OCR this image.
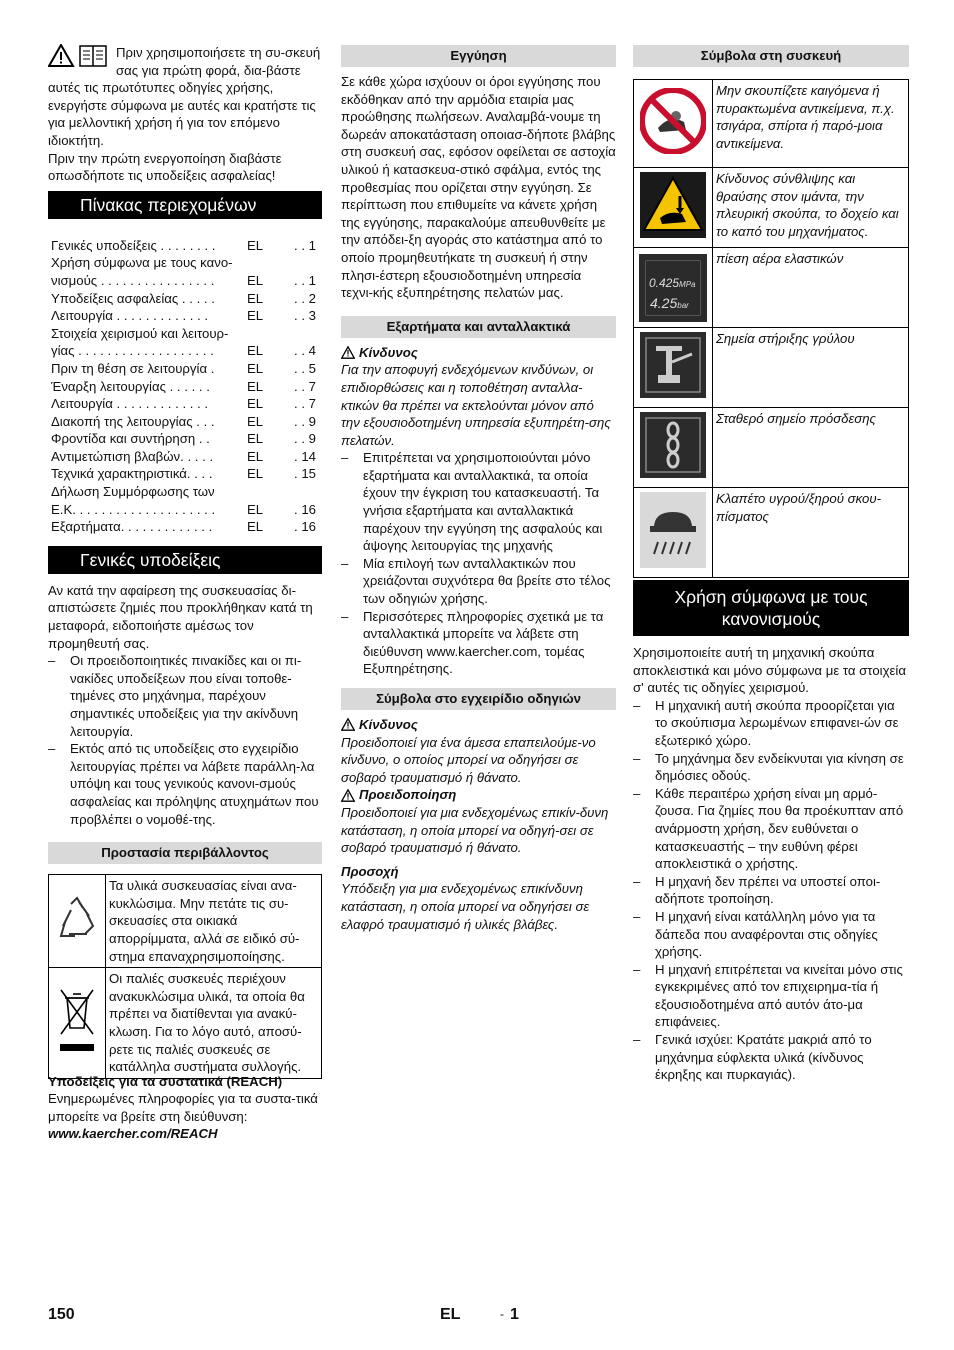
Πριν χρησιμοποιήσετε τη συ-σκευή σας για πρώτη φορά, δια-βάστε αυτές τις πρωτότυπες οδηγίες χρήσης, ενεργήστε σύμφωνα με αυτές και κρατήστε τις για μελλοντική χρήση ή για τον επόμενο ιδιοκτήτη.

Πριν την πρώτη ενεργοποίηση διαβάστε οπωσδήποτε τις υποδείξεις ασφαλείας!

Πίνακας περιεχομένων
Γενικές υποδείξεις . . . . . . . .	EL	. . 1
Χρήση σύμφωνα με τους κανο-
νισμούς . . . . . . . . . . . . . . . .	EL	. . 1
Υποδείξεις ασφαλείας . . . . .	EL	. . 2
Λειτουργία . . . . . . . . . . . . .	EL	. . 3
Στοιχεία χειρισμού και λειτουρ-
γίας . . . . . . . . . . . . . . . . . . .	EL	. . 4
Πριν τη θέση σε λειτουργία .	EL	. . 5
Έναρξη λειτουργίας . . . . . .	EL	. . 7
Λειτουργία . . . . . . . . . . . . .	EL	. . 7
Διακοπή της λειτουργίας . . .	EL	. . 9
Φροντίδα και συντήρηση . .	EL	. . 9
Αντιμετώπιση βλαβών. . . . .	EL	. 14
Τεχνικά χαρακτηριστικά. . . .	EL	. 15
Δήλωση Συμμόρφωσης των
Ε.Κ. . . . . . . . . . . . . . . . . . . .	EL	. 16
Εξαρτήματα. . . . . . . . . . . . .	EL	. 16
Γενικές υποδείξεις

Αν κατά την αφαίρεση της συσκευασίας δι-απιστώσετε ζημιές που προκλήθηκαν κατά τη μεταφορά, ειδοποιήστε αμέσως τον προμηθευτή σας.

– Οι προειδοποιητικές πινακίδες και οι πι-νακίδες υποδείξεων που είναι τοποθε-τημένες στο μηχάνημα, παρέχουν σημαντικές υποδείξεις για την ακίνδυνη λειτουργία.
– Εκτός από τις υποδείξεις στο εγχειρίδιο λειτουργίας πρέπει να λάβετε παράλλη-λα υπόψη και τους γενικούς κανονι-σμούς ασφαλείας και πρόληψης ατυχημάτων που προβλέπει ο νομοθέ-της.
Προστασία περιβάλλοντος
	Τα υλικά συσκευασίας είναι ανα-κυκλώσιμα. Μην πετάτε τις συ-σκευασίες στα οικιακά απορρίμματα, αλλά σε ειδικό σύ-στημα επαναχρησιμοποίησης.
	Οι παλιές συσκευές περιέχουν ανακυκλώσιμα υλικά, τα οποία θα πρέπει να διατίθενται για ανακύ-κλωση. Για το λόγο αυτό, αποσύ-ρετε τις παλιές συσκευές σε κατάλληλα συστήματα συλλογής.

Υποδείξεις για τα συστατικά (REACH)

Ενημερωμένες πληροφορίες για τα συστα-τικά μπορείτε να βρείτε στη διεύθυνση:

www.kaercher.com/REACH

Εγγύηση

Σε κάθε χώρα ισχύουν οι όροι εγγύησης που εκδόθηκαν από την αρμόδια εταιρία μας προώθησης πωλήσεων. Αναλαμβά-νουμε τη δωρεάν αποκατάσταση οποιασ-δήποτε βλάβης στη συσκευή σας, εφόσον οφείλεται σε αστοχία υλικού ή κατασκευα-στικό σφάλμα, εντός της προθεσμίας που ορίζεται στην εγγύηση. Σε περίπτωση που επιθυμείτε να κάνετε χρήση της εγγύησης, παρακαλούμε απευθυνθείτε με την απόδει-ξη αγοράς στο κατάστημα από το οποίο προμηθευτήκατε τη συσκευή ή στην πλησι-έστερη εξουσιοδοτημένη υπηρεσία τεχνι-κής εξυπηρέτησης πελατών μας.

Εξαρτήματα και ανταλλακτικά
Κίνδυνος

Για την αποφυγή ενδεχόμενων κινδύνων, οι επιδιορθώσεις και η τοποθέτηση ανταλλα-κτικών θα πρέπει να εκτελούνται μόνον από την εξουσιοδοτημένη υπηρεσία εξυπηρέτη-σης πελατών.

– Επιτρέπεται να χρησιμοποιούνται μόνο εξαρτήματα και ανταλλακτικά, τα οποία έχουν την έγκριση του κατασκευαστή. Τα γνήσια εξαρτήματα και ανταλλακτικά παρέχουν την εγγύηση της ασφαλούς και άψογης λειτουργίας της μηχανής
– Μία επιλογή των ανταλλακτικών που χρειάζονται συχνότερα θα βρείτε στο τέλος των οδηγιών χρήσης.
– Περισσότερες πληροφορίες σχετικά με τα ανταλλακτικά μπορείτε να λάβετε στη διεύθυνση www.kaercher.com, τομέας Εξυπηρέτησης.
Σύμβολα στο εγχειρίδιο οδηγιών
Κίνδυνος

Προειδοποιεί για ένα άμεσα επαπειλούμε-νο κίνδυνο, ο οποίος μπορεί να οδηγήσει σε σοβαρό τραυματισμό ή θάνατο.

Προειδοποίηση

Προειδοποιεί για μια ενδεχομένως επικίν-δυνη κατάσταση, η οποία μπορεί να οδηγή-σει σε σοβαρό τραυματισμό ή θάνατο.

Προσοχή

Υπόδειξη για μια ενδεχομένως επικίνδυνη κατάσταση, η οποία μπορεί να οδηγήσει σε ελαφρό τραυματισμό ή υλικές βλάβες.

Σύμβολα στη συσκευή
	Μην σκουπίζετε καιγόμενα ή πυρακτωμένα αντικείμενα, π.χ. τσιγάρα, σπίρτα ή παρό-μοια αντικείμενα.
	Κίνδυνος σύνθλιψης και θραύσης στον ιμάντα, την πλευρική σκούπα, το δοχείο και το καπό του μηχανήματος.

0.425MPa
4.25bar	πίεση αέρα ελαστικών
	Σημεία στήριξης γρύλου
	Σταθερό σημείο πρόσδεσης
	Κλαπέτο υγρού/ξηρού σκου-πίσματος
Χρήση σύμφωνα με τους κανονισμούς

Χρησιμοποιείτε αυτή τη μηχανική σκούπα αποκλειστικά και μόνο σύμφωνα με τα στοιχεία σ' αυτές τις οδηγίες χειρισμού.

– Η μηχανική αυτή σκούπα προορίζεται για το σκούπισμα λερωμένων επιφανει-ών σε εξωτερικό χώρο.
– Το μηχάνημα δεν ενδείκνυται για κίνηση σε δημόσιες οδούς.
– Κάθε περαιτέρω χρήση είναι μη αρμό-ζουσα. Για ζημίες που θα προέκυπταν από ανάρμοστη χρήση, δεν ευθύνεται ο κατασκευαστής – την ευθύνη φέρει αποκλειστικά ο χρήστης.
– Η μηχανή δεν πρέπει να υποστεί οποι-αδήποτε τροποίηση.
– Η μηχανή είναι κατάλληλη μόνο για τα δάπεδα που αναφέρονται στις οδηγίες χρήσης.
– Η μηχανή επιτρέπεται να κινείται μόνο στις εγκεκριμένες από τον επιχειρημα-τία ή εξουσιοδοτημένα από αυτόν άτο-μα επιφάνειες.
– Γενικά ισχύει: Κρατάτε μακριά από το μηχάνημα εύφλεκτα υλικά (κίνδυνος έκρηξης και πυρκαγιάς).
150	EL	- 1
